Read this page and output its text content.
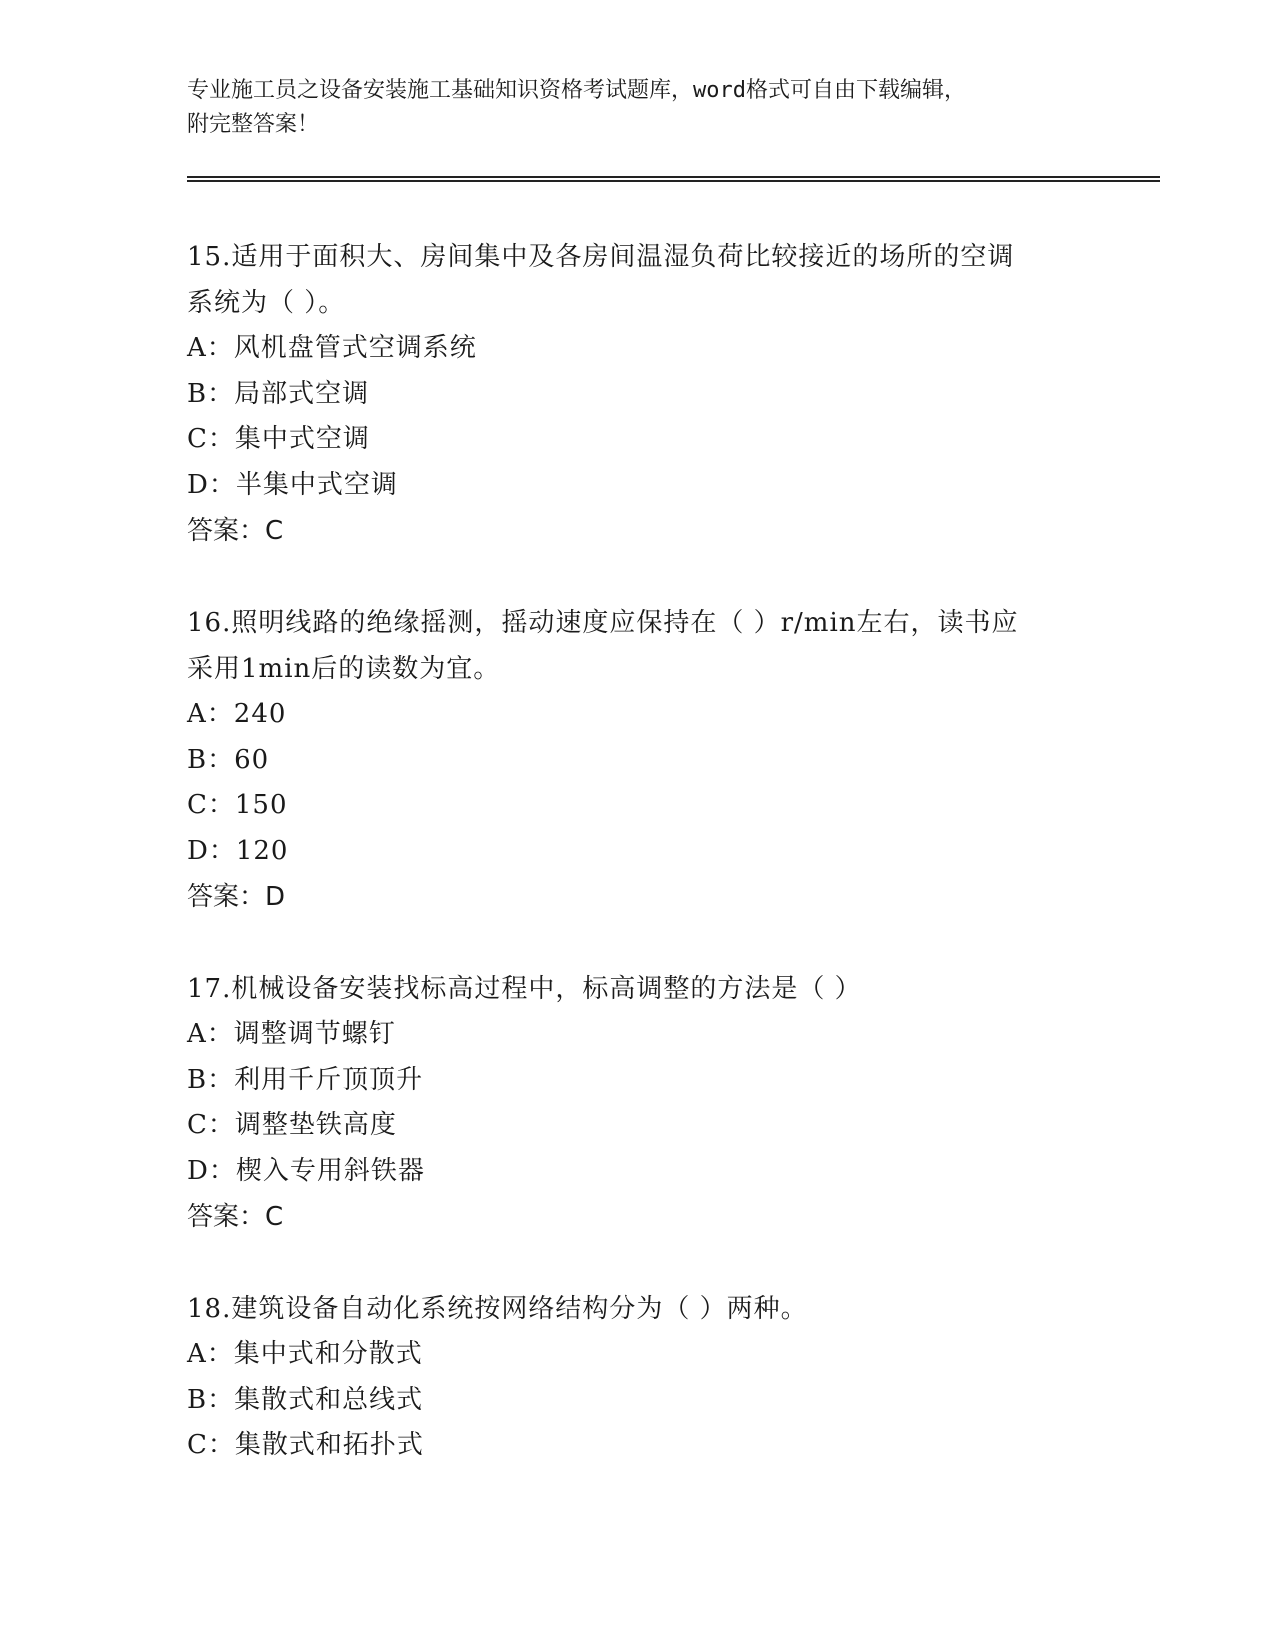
专业施工员之设备安装施工基础知识资格考试题库，word格式可自由下载编辑，
附完整答案！
15.适用于面积大、房间集中及各房间温湿负荷比较接近的场所的空调
系统为（ ）。
A：风机盘管式空调系统
B：局部式空调
C：集中式空调
D：半集中式空调
答案：C
16.照明线路的绝缘摇测，摇动速度应保持在（ ）r/min左右，读书应
采用1min后的读数为宜。
A：240
B：60
C：150
D：120
答案：D
17.机械设备安装找标高过程中，标高调整的方法是（ ）
A：调整调节螺钉
B：利用千斤顶顶升
C：调整垫铁高度
D：楔入专用斜铁器
答案：C
18.建筑设备自动化系统按网络结构分为（ ）两种。
A：集中式和分散式
B：集散式和总线式
C：集散式和拓扑式
